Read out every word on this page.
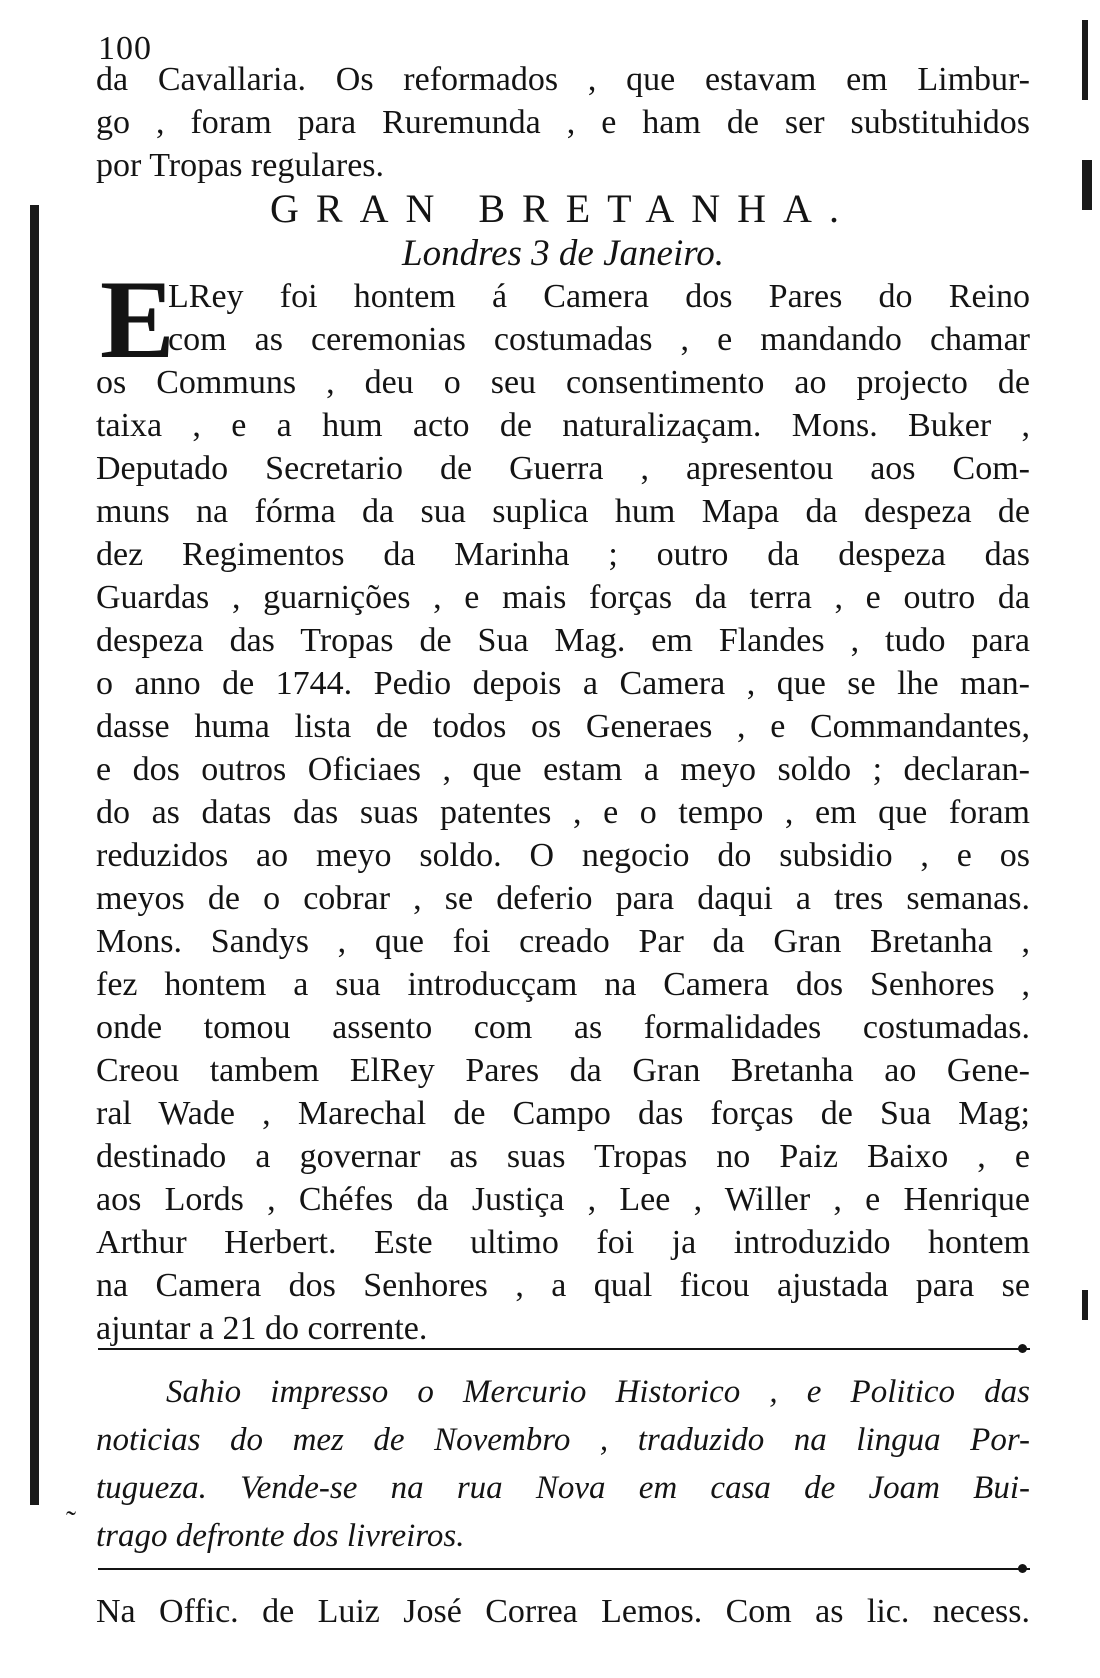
˜
100
da Cavallaria. Os reformados , que estavam em Limbur-
go , foram para Ruremunda , e ham de ser substituhidos
por Tropas regulares.
GRAN BRETANHA.
Londres 3 de Janeiro.
E
LRey foi hontem á Camera dos Pares do Reino
com as ceremonias costumadas , e mandando chamar
os Communs , deu o seu consentimento ao projecto de
taixa , e a hum acto de naturalizaçam. Mons. Buker ,
Deputado Secretario de Guerra , apresentou aos Com-
muns na fórma da sua suplica hum Mapa da despeza de
dez Regimentos da Marinha ; outro da despeza das
Guardas , guarnições , e mais forças da terra , e outro da
despeza das Tropas de Sua Mag. em Flandes , tudo para
o anno de 1744. Pedio depois a Camera , que se lhe man-
dasse huma lista de todos os Generaes , e Commandantes,
e dos outros Oficiaes , que estam a meyo soldo ; declaran-
do as datas das suas patentes , e o tempo , em que foram
reduzidos ao meyo soldo. O negocio do subsidio , e os
meyos de o cobrar , se deferio para daqui a tres semanas.
Mons. Sandys , que foi creado Par da Gran Bretanha ,
fez hontem a sua introducçam na Camera dos Senhores ,
onde tomou assento com as formalidades costumadas.
Creou tambem ElRey Pares da Gran Bretanha ao Gene-
ral Wade , Marechal de Campo das forças de Sua Mag;
destinado a governar as suas Tropas no Paiz Baixo , e
aos Lords , Chéfes da Justiça , Lee , Willer , e Henrique
Arthur Herbert. Este ultimo foi ja introduzido hontem
na Camera dos Senhores , a qual ficou ajustada para se
ajuntar a 21 do corrente.
Sahio impresso o Mercurio Historico , e Politico das
noticias do mez de Novembro , traduzido na lingua Por-
tugueza. Vende-se na rua Nova em casa de Joam Bui-
trago defronte dos livreiros.
Na Offic. de Luiz José Correa Lemos. Com as lic. necess.
